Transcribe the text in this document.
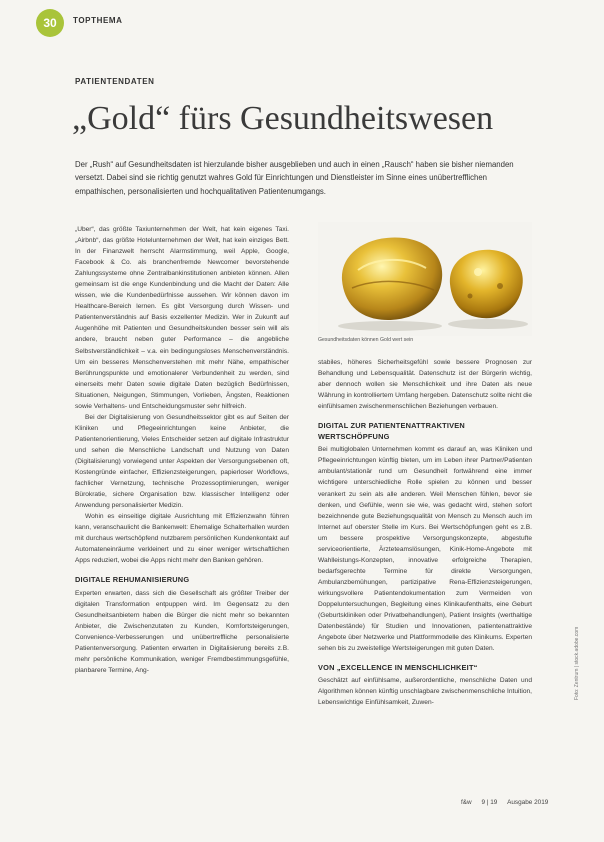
30	TOPTHEMA
PATIENTENDATEN
„Gold“ fürs Gesundheitswesen
Der „Rush“ auf Gesundheitsdaten ist hierzulande bisher ausgeblieben und auch in einen „Rausch“ haben sie bisher niemanden versetzt. Dabei sind sie richtig genutzt wahres Gold für Einrichtungen und Dienstleister im Sinne eines unübertrefflichen empathischen, personalisierten und hochqualitativen Patientenumgangs.

„Uber“, das größte Taxiunternehmen der Welt, hat kein eigenes Taxi. „Airbnb“, das größte Hotelunternehmen der Welt, hat kein einziges Bett. In der Finanzwelt herrscht Alarmstimmung, weil Apple, Google, Facebook & Co. als branchenfremde Newcomer bevorstehende Zahlungssysteme ohne Zentralbankinstitutionen anbieten können. Allen gemeinsam ist die enge Kundenbindung und die Macht der Daten: Alle wissen, wie die Kundenbedürfnisse aussehen. Wir können davon im Healthcare-Bereich lernen. Es gibt Versorgung durch Wissen- und Patientenverständnis auf Basis exzellenter Medizin. Wer in Zukunft auf Augenhöhe mit Patienten und Gesundheitskunden besser sein will als andere, braucht neben guter Performance – die angebliche Selbstverständlichkeit – v.a. ein bedingungsloses Menschenverständnis. Um ein besseres Menschenverstehen mit mehr Nähe, empathischer Berührungspunkte und emotionalerer Verbundenheit zu werden, sind einerseits mehr Daten sowie digitale Daten bezüglich Bedürfnissen, Situationen, Neigungen, Stimmungen, Vorlieben, Ängsten, Reaktionen sowie Verhaltens- und Entscheidungsmuster sehr hilfreich.

Bei der Digitalisierung von Gesundheitssektor gibt es auf Seiten der Kliniken und Pflegeeinrichtungen keine Anbieter, die Patientenorientierung, Vieles Entscheider setzen auf digitale Infrastruktur und sehen die Menschliche Landschaft und Nutzung von Daten (Digitalisierung) vorwiegend unter Aspekten der Versorgungsebenen oft, Kostengründe einfacher, Effizienzsteigerungen, papierloser Workflows, fachlicher Vernetzung, technische Prozessoptimierungen, weniger Bürokratie, sichere Organisation bzw. klassischer Intelligenz oder Anwendung personalisierter Medizin.

Wohin es einseitige digitale Ausrichtung mit Effizienzwahn führen kann, veranschaulicht die Bankenwelt: Ehemalige Schalterhallen wurden mit durchaus wertschöpfend nutzbarem persönlichen Kundenkontakt auf Automateneinräume verkleinert und zu einer weniger wirtschaftlichen Apps reduziert, wobei die Apps nicht mehr den Banken gehören.

DIGITALE REHUMANISIERUNG

Experten erwarten, dass sich die Gesellschaft als größter Treiber der digitalen Transformation entpuppen wird. Im Gegensatz zu den Gesundheitsanbietern haben die Bürger die nicht mehr so bekannten Anbieter, die Zwischenzutaten zu Kunden, Komfortsteigerungen, Convenience-Verbesserungen und unübertreffliche personalisierte Patientenversorgung. Patienten erwarten in Digitalisierung bereits z.B. mehr persönliche Kommunikation, weniger Fremdbestimmungsgefühle, planbarere Termine, Ang-

Gesundheitsdaten können Gold wert sein

stabiles, höheres Sicherheitsgefühl sowie bessere Prognosen zur Behandlung und Lebensqualität. Datenschutz ist der Bürgerin wichtig, aber dennoch wollen sie Menschlichkeit und ihre Daten als neue Währung in kontrolliertem Umfang hergeben. Datenschutz sollte nicht die einfühlsamen zwischenmenschlichen Beziehungen verbauen.

DIGITAL ZUR PATIENTENATTRAKTIVEN WERTSCHÖPFUNG

Bei multiglobalen Unternehmen kommt es darauf an, was Kliniken und Pflegeeinrichtungen künftig bieten, um im Leben ihrer Partner/Patienten ambulant/stationär rund um Gesundheit fortwährend eine immer wichtigere unterschiedliche Rolle spielen zu können und besser verankert zu sein als alle anderen. Weil Menschen fühlen, bevor sie denken, und Gefühle, wenn sie wie, was gedacht wird, stehen sofort bezeichnende gute Beziehungsqualität von Mensch zu Mensch auch im Internet auf oberster Stelle im Kurs. Bei Wertschöpfungen geht es z.B. um bessere prospektive Versorgungskonzepte, abgestufte serviceorientierte, Ärzteteamslösungen, Kinik-Home-Angebote mit Wahlleistungs-Konzepten, innovative erfolgreiche Therapien, bedarfsgerechte Termine für direkte Versorgungen, Ambulanzbemühungen, partizipative Rena-Effizienzsteigerungen, wirkungsvollere Patientendokumentation zum Vermeiden von Doppeluntersuchungen, Begleitung eines Klinikaufenthalts, eine Geburt (Geburtskliniken oder Privatbehandlungen), Patient Insights (werthaltige Datenbestände) für Studien und Innovationen, patientenattraktive Angebote über Netzwerke und Plattformmodelle des Klinikums. Experten sehen bis zu zweistellige Wertsteigerungen mit guten Daten.

VON „EXCELLENCE IN MENSCHLICHKEIT“

Geschätzt auf einfühlsame, außerordentliche, menschliche Daten und Algorithmen können künftig unschlagbare zwischenmenschliche Intuition, Lebenswichtige Einfühlsamkeit, Zuwen-

Foto: Zentrum | stock.adobe.com
f&w 9 | 19 Ausgabe 2019
